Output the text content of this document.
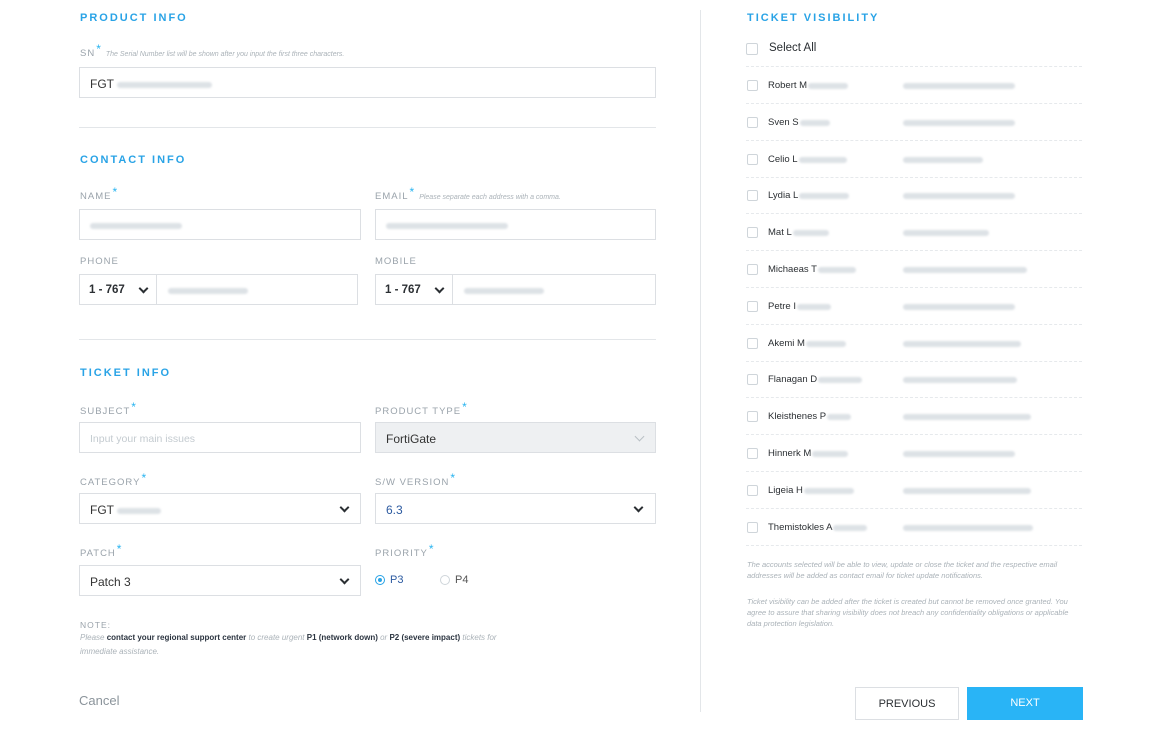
PRODUCT INFO
SN* The Serial Number list will be shown after you input the first three characters.
FGT
CONTACT INFO
NAME*	EMAIL* Please separate each address with a comma.
PHONE
1 - 767
MOBILE
1 - 767
TICKET INFO
SUBJECT*
Input your main issues
PRODUCT TYPE*
FortiGate
CATEGORY*
FGT
S/W VERSION*
6.3
PATCH*
Patch 3
PRIORITY*
P3	P4
NOTE:
Please contact your regional support center to create urgent P1 (network down) or P2 (severe impact) tickets for
immediate assistance.
Cancel
TICKET VISIBILITY
Select All
Robert M
Sven S
Celio L
Lydia L
Mat L
Michaeas T
Petre I
Akemi M
Flanagan D
Kleisthenes P
Hinnerk M
Ligeia H
Themistokles A
The accounts selected will be able to view, update or close the ticket and the respective email addresses will be added as contact email for ticket update notifications.
Ticket visibility can be added after the ticket is created but cannot be removed once granted. You agree to assure that sharing visibility does not breach any confidentiality obligations or applicable data protection legislation.
PREVIOUS	NEXT
